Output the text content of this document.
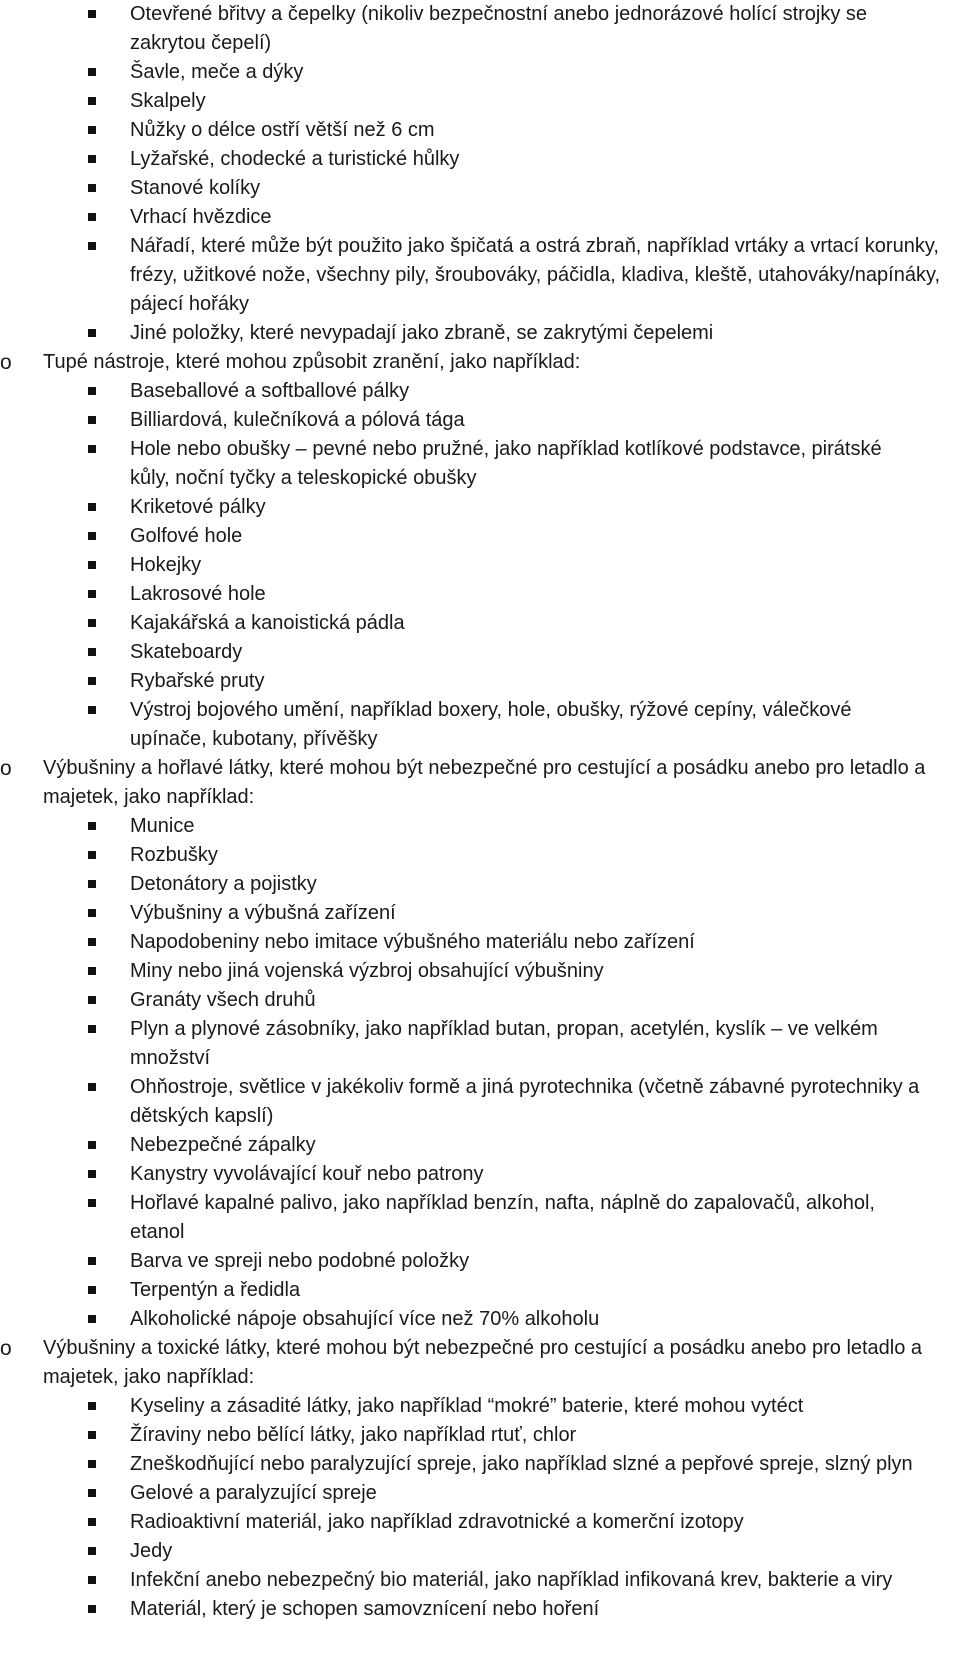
Otevřené břitvy a čepelky (nikoliv bezpečnostní anebo jednorázové holící strojky se zakrytou čepelí)
Šavle, meče a dýky
Skalpely
Nůžky o délce ostří větší než 6 cm
Lyžařské, chodecké a turistické hůlky
Stanové kolíky
Vrhací hvězdice
Nářadí, které může být použito jako špičatá a ostrá zbraň, například vrtáky a vrtací korunky, frézy, užitkové nože, všechny pily, šroubováky, páčidla, kladiva, kleště, utahováky/napínáky, pájecí hořáky
Jiné položky, které nevypadají jako zbraně, se zakrytými čepelemi
o Tupé nástroje, které mohou způsobit zranění, jako například:
Baseballové a softballové pálky
Billiardová, kulečníková a pólová tága
Hole nebo obušky – pevné nebo pružné, jako například kotlíkové podstavce, pirátské kůly, noční tyčky a teleskopické obušky
Kriketové pálky
Golfové hole
Hokejky
Lakrosové hole
Kajakářská a kanoistická pádla
Skateboardy
Rybařské pruty
Výstroj bojového umění, například boxery, hole, obušky, rýžové cepíny, válečkové upínače, kubotany, přívěšky
o Výbušniny a hořlavé látky, které mohou být nebezpečné pro cestující a posádku anebo pro letadlo a majetek, jako například:
Munice
Rozbušky
Detonátory a pojistky
Výbušniny a výbušná zařízení
Napodobeniny nebo imitace výbušného materiálu nebo zařízení
Miny nebo jiná vojenská výzbroj obsahující výbušniny
Granáty všech druhů
Plyn a plynové zásobníky, jako například butan, propan, acetylén, kyslík – ve velkém množství
Ohňostroje, světlice v jakékoliv formě a jiná pyrotechnika (včetně zábavné pyrotechniky a dětských kapslí)
Nebezpečné zápalky
Kanystry vyvolávající kouř nebo patrony
Hořlavé kapalné palivo, jako například benzín, nafta, náplně do zapalovačů, alkohol, etanol
Barva ve spreji nebo podobné položky
Terpentýn a ředidla
Alkoholické nápoje obsahující více než 70% alkoholu
o Výbušniny a toxické látky, které mohou být nebezpečné pro cestující a posádku anebo pro letadlo a majetek, jako například:
Kyseliny a zásadité látky, jako například “mokré” baterie, které mohou vytéct
Žíraviny nebo bělící látky, jako například rtuť, chlor
Zneškodňující nebo paralyzující spreje, jako například slzné a pepřové spreje, slzný plyn
Gelové a paralyzující spreje
Radioaktivní materiál, jako například zdravotnické a komerční izotopy
Jedy
Infekční anebo nebezpečný bio materiál, jako například infikovaná krev, bakterie a viry
Materiál, který je schopen samovznícení nebo hoření
